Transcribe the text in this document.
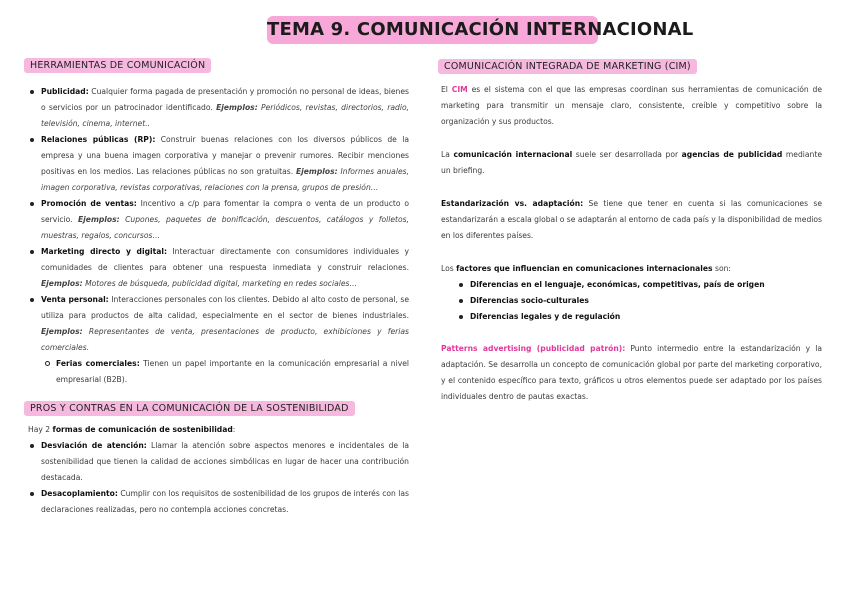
TEMA 9. COMUNICACIÓN INTERNACIONAL
HERRAMIENTAS DE COMUNICACIÓN
Publicidad: Cualquier forma pagada de presentación y promoción no personal de ideas, bienes o servicios por un patrocinador identificado. Ejemplos: Periódicos, revistas, directorios, radio, televisión, cinema, internet..
Relaciones públicas (RP): Construir buenas relaciones con los diversos públicos de la empresa y una buena imagen corporativa y manejar o prevenir rumores. Recibir menciones positivas en los medios. Las relaciones públicas no son gratuitas. Ejemplos: Informes anuales, imagen corporativa, revistas corporativas, relaciones con la prensa, grupos de presión…
Promoción de ventas: Incentivo a c/p para fomentar la compra o venta de un producto o servicio. Ejemplos: Cupones, paquetes de bonificación, descuentos, catálogos y folletos, muestras, regalos, concursos…
Marketing directo y digital: Interactuar directamente con consumidores individuales y comunidades de clientes para obtener una respuesta inmediata y construir relaciones. Ejemplos: Motores de búsqueda, publicidad digital, marketing en redes sociales…
Venta personal: Interacciones personales con los clientes. Debido al alto costo de personal, se utiliza para productos de alta calidad, especialmente en el sector de bienes industriales. Ejemplos: Representantes de venta, presentaciones de producto, exhibiciones y ferias comerciales.
Ferias comerciales: Tienen un papel importante en la comunicación empresarial a nivel empresarial (B2B).
PROS Y CONTRAS EN LA COMUNICACIÓN DE LA SOSTENIBILIDAD

Hay 2 formas de comunicación de sostenibilidad:

Desviación de atención: Llamar la atención sobre aspectos menores e incidentales de la sostenibilidad que tienen la calidad de acciones simbólicas en lugar de hacer una contribución destacada.
Desacoplamiento: Cumplir con los requisitos de sostenibilidad de los grupos de interés con las declaraciones realizadas, pero no contempla acciones concretas.
COMUNICACIÓN INTEGRADA DE MARKETING (CIM)

El CIM es el sistema con el que las empresas coordinan sus herramientas de comunicación de marketing para transmitir un mensaje claro, consistente, creíble y competitivo sobre la organización y sus productos.

La comunicación internacional suele ser desarrollada por agencias de publicidad mediante un briefing.

Estandarización vs. adaptación: Se tiene que tener en cuenta si las comunicaciones se estandarizarán a escala global o se adaptarán al entorno de cada país y la disponibilidad de medios en los diferentes países.

Los factores que influencian en comunicaciones internacionales son:

Diferencias en el lenguaje, económicas, competitivas, país de origen
Diferencias socio-culturales
Diferencias legales y de regulación

Patterns advertising (publicidad patrón): Punto intermedio entre la estandarización y la adaptación. Se desarrolla un concepto de comunicación global por parte del marketing corporativo, y el contenido específico para texto, gráficos u otros elementos puede ser adaptado por los países individuales dentro de pautas exactas.
